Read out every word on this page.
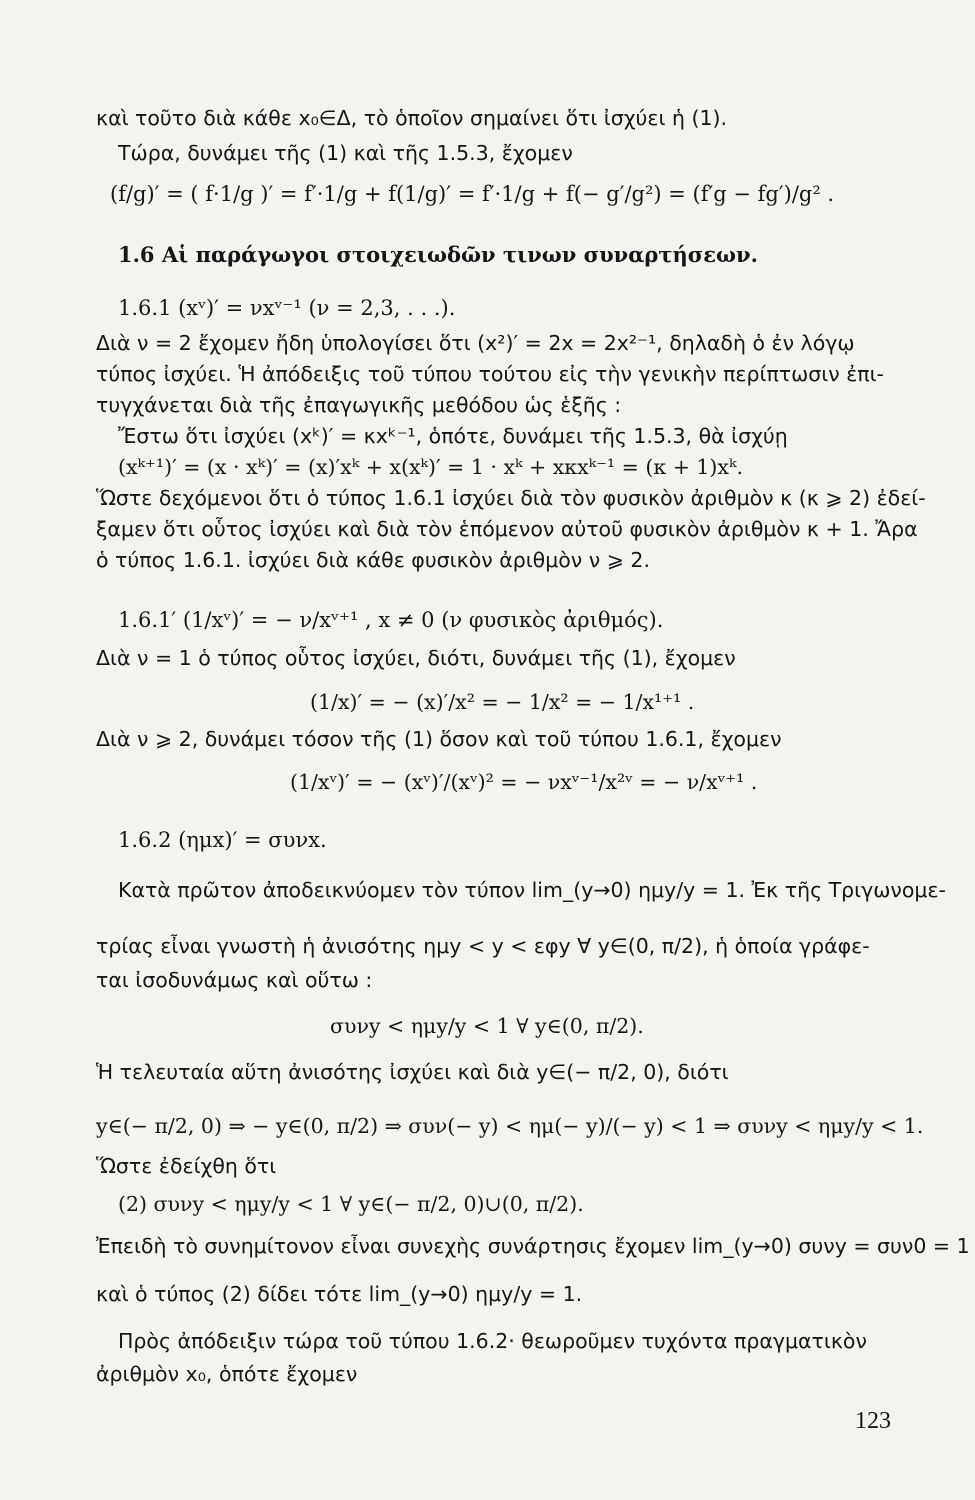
καὶ τοῦτο διὰ κάθε x₀∈Δ, τὸ ὁποῖον σημαίνει ὅτι ἰσχύει ἡ (1).
Τώρα, δυνάμει τῆς (1) καὶ τῆς 1.5.3, ἔχομεν
(f/g)′ = ( f·1/g )′ = f′·1/g + f(1/g)′ = f′·1/g + f(− g′/g²) = (f′g − fg′)/g² .
1.6 Αἱ παράγωγοι στοιχειωδῶν τινων συναρτήσεων.
1.6.1 (xᵛ)′ = νxᵛ⁻¹ (ν = 2,3, . . .).
Διὰ ν = 2 ἔχομεν ἤδη ὑπολογίσει ὅτι (x²)′ = 2x = 2x²⁻¹, δηλαδὴ ὁ ἐν λόγῳ
τύπος ἰσχύει. Ἡ ἀπόδειξις τοῦ τύπου τούτου εἰς τὴν γενικὴν περίπτωσιν ἐπι-
τυγχάνεται διὰ τῆς ἐπαγωγικῆς μεθόδου ὡς ἑξῆς :
Ἔστω ὅτι ἰσχύει (xᵏ)′ = κxᵏ⁻¹, ὁπότε, δυνάμει τῆς 1.5.3, θὰ ἰσχύῃ
(xᵏ⁺¹)′ = (x · xᵏ)′ = (x)′xᵏ + x(xᵏ)′ = 1 · xᵏ + xκxᵏ⁻¹ = (κ + 1)xᵏ.
Ὥστε δεχόμενοι ὅτι ὁ τύπος 1.6.1 ἰσχύει διὰ τὸν φυσικὸν ἀριθμὸν κ (κ ⩾ 2) ἐδεί-
ξαμεν ὅτι οὗτος ἰσχύει καὶ διὰ τὸν ἑπόμενον αὐτοῦ φυσικὸν ἀριθμὸν κ + 1. Ἄρα
ὁ τύπος 1.6.1. ἰσχύει διὰ κάθε φυσικὸν ἀριθμὸν ν ⩾ 2.
1.6.1′ (1/xᵛ)′ = − ν/xᵛ⁺¹ , x ≠ 0 (ν φυσικὸς ἀριθμός).
Διὰ ν = 1 ὁ τύπος οὗτος ἰσχύει, διότι, δυνάμει τῆς (1), ἔχομεν
(1/x)′ = − (x)′/x² = − 1/x² = − 1/x¹⁺¹ .
Διὰ ν ⩾ 2, δυνάμει τόσον τῆς (1) ὅσον καὶ τοῦ τύπου 1.6.1, ἔχομεν
(1/xᵛ)′ = − (xᵛ)′/(xᵛ)² = − νxᵛ⁻¹/x²ᵛ = − ν/xᵛ⁺¹ .
1.6.2 (ημx)′ = συνx.
Κατὰ πρῶτον ἀποδεικνύομεν τὸν τύπον lim_(y→0) ημy/y = 1. Ἐκ τῆς Τριγωνομε-
τρίας εἶναι γνωστὴ ἡ ἀνισότης ημy < y < εφy ∀ y∈(0, π/2), ἡ ὁποία γράφε-
ται ἰσοδυνάμως καὶ οὕτω :
συνy < ημy/y < 1 ∀ y∈(0, π/2).
Ἡ τελευταία αὕτη ἀνισότης ἰσχύει καὶ διὰ y∈(− π/2, 0), διότι
y∈(− π/2, 0) ⇒ − y∈(0, π/2) ⇒ συν(− y) < ημ(− y)/(− y) < 1 ⇒ συνy < ημy/y < 1.
Ὥστε ἐδείχθη ὅτι
(2) συνy < ημy/y < 1 ∀ y∈(− π/2, 0)∪(0, π/2).
Ἐπειδὴ τὸ συνημίτονον εἶναι συνεχὴς συνάρτησις ἔχομεν lim_(y→0) συνy = συν0 = 1
καὶ ὁ τύπος (2) δίδει τότε lim_(y→0) ημy/y = 1.
Πρὸς ἀπόδειξιν τώρα τοῦ τύπου 1.6.2· θεωροῦμεν τυχόντα πραγματικὸν
ἀριθμὸν x₀, ὁπότε ἔχομεν
123
